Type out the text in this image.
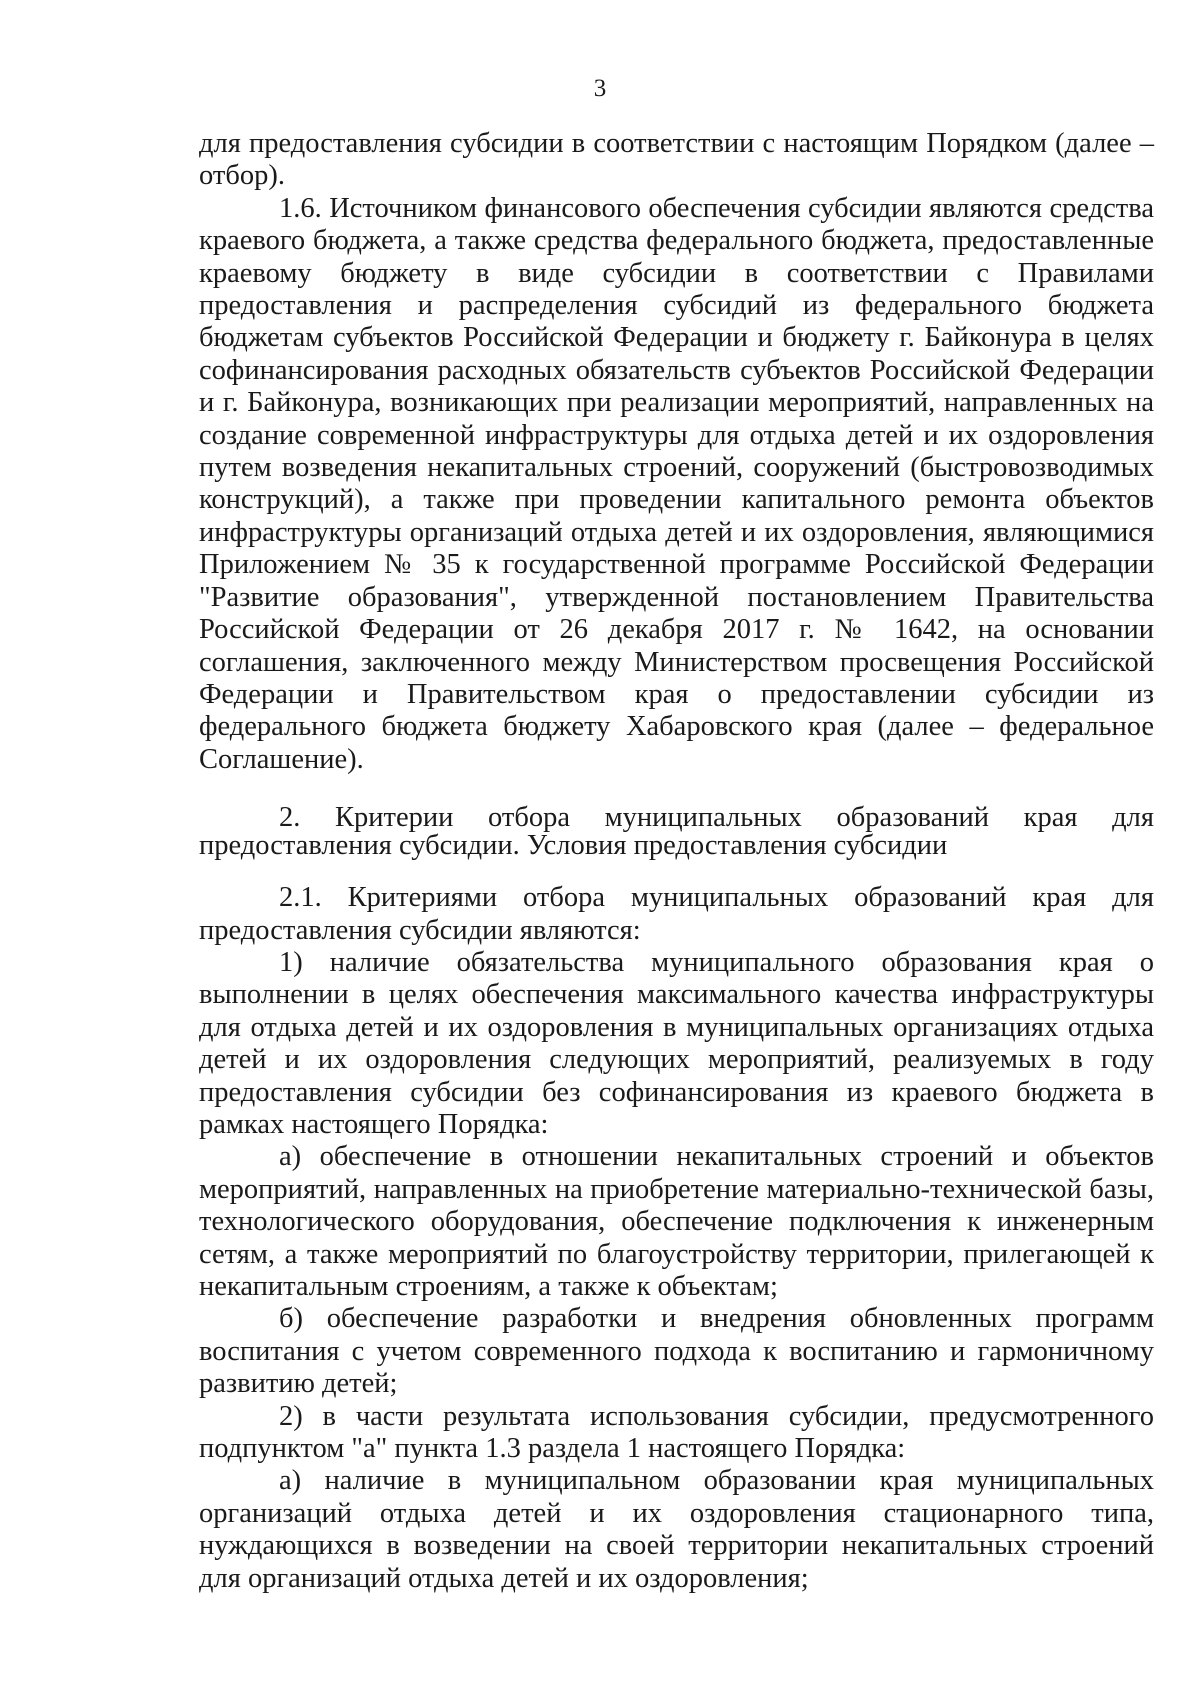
3

для предоставления субсидии в соответствии с настоящим Порядком (далее – отбор).

1.6. Источником финансового обеспечения субсидии являются средства краевого бюджета, а также средства федерального бюджета, предоставленные краевому бюджету в виде субсидии в соответствии с Правилами предоставления и распределения субсидий из федерального бюджета бюджетам субъектов Российской Федерации и бюджету г. Байконура в целях софинансирования расходных обязательств субъектов Российской Федерации и г. Байконура, возникающих при реализации мероприятий, направленных на создание современной инфраструктуры для отдыха детей и их оздоровления путем возведения некапитальных строений, сооружений (быстровозводимых конструкций), а также при проведении капитального ремонта объектов инфраструктуры организаций отдыха детей и их оздоровления, являющимися Приложением № 35 к государственной программе Российской Федерации "Развитие образования", утвержденной постановлением Правительства Российской Федерации от 26 декабря 2017 г. № 1642, на основании соглашения, заключенного между Министерством просвещения Российской Федерации и Правительством края о предоставлении субсидии из федерального бюджета бюджету Хабаровского края (далее – федеральное Соглашение).

2. Критерии отбора муниципальных образований края для предоставления субсидии. Условия предоставления субсидии

2.1. Критериями отбора муниципальных образований края для предоставления субсидии являются:

1) наличие обязательства муниципального образования края о выполнении в целях обеспечения максимального качества инфраструктуры для отдыха детей и их оздоровления в муниципальных организациях отдыха детей и их оздоровления следующих мероприятий, реализуемых в году предоставления субсидии без софинансирования из краевого бюджета в рамках настоящего Порядка:

а) обеспечение в отношении некапитальных строений и объектов мероприятий, направленных на приобретение материально-технической базы, технологического оборудования, обеспечение подключения к инженерным сетям, а также мероприятий по благоустройству территории, прилегающей к некапитальным строениям, а также к объектам;

б) обеспечение разработки и внедрения обновленных программ воспитания с учетом современного подхода к воспитанию и гармоничному развитию детей;

2) в части результата использования субсидии, предусмотренного подпунктом "а" пункта 1.3 раздела 1 настоящего Порядка:

а) наличие в муниципальном образовании края муниципальных организаций отдыха детей и их оздоровления стационарного типа, нуждающихся в возведении на своей территории некапитальных строений для организаций отдыха детей и их оздоровления;
